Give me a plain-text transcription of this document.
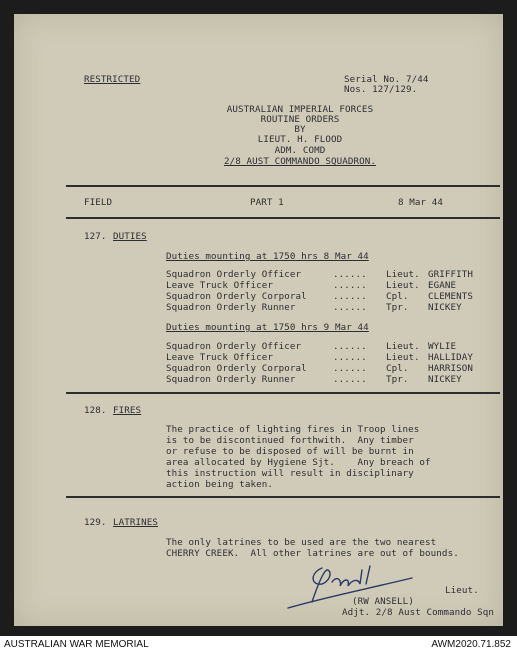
RESTRICTED	Serial No. 7/44
Nos. 127/129.
AUSTRALIAN IMPERIAL FORCES
ROUTINE ORDERS
BY
LIEUT. H. FLOOD
ADM. COMD
2/8 AUST COMMANDO SQUADRON.
FIELD	PART 1	8 Mar 44
127. DUTIES
Duties mounting at 1750 hrs 8 Mar 44
Squadron Orderly Officer	...... Lieut. GRIFFITH
Leave Truck Officer	...... Lieut. EGANE
Squadron Orderly Corporal	...... Cpl. CLEMENTS
Squadron Orderly Runner	...... Tpr. NICKEY
Duties mounting at 1750 hrs 9 Mar 44
Squadron Orderly Officer	...... Lieut. WYLIE
Leave Truck Officer	...... Lieut. HALLIDAY
Squadron Orderly Corporal	...... Cpl. HARRISON
Squadron Orderly Runner	...... Tpr. NICKEY
128. FIRES
The practice of lighting fires in Troop lines
is to be discontinued forthwith.  Any timber
or refuse to be disposed of will be burnt in
area allocated by Hygiene Sjt.    Any breach of
this instruction will result in disciplinary
action being taken.
129. LATRINES
The only latrines to be used are the two nearest
CHERRY CREEK.  All other latrines are out of bounds.
Lieut.
(RW ANSELL)
Adjt. 2/8 Aust Commando Sqn
AUSTRALIAN WAR MEMORIAL	AWM2020.71.852
